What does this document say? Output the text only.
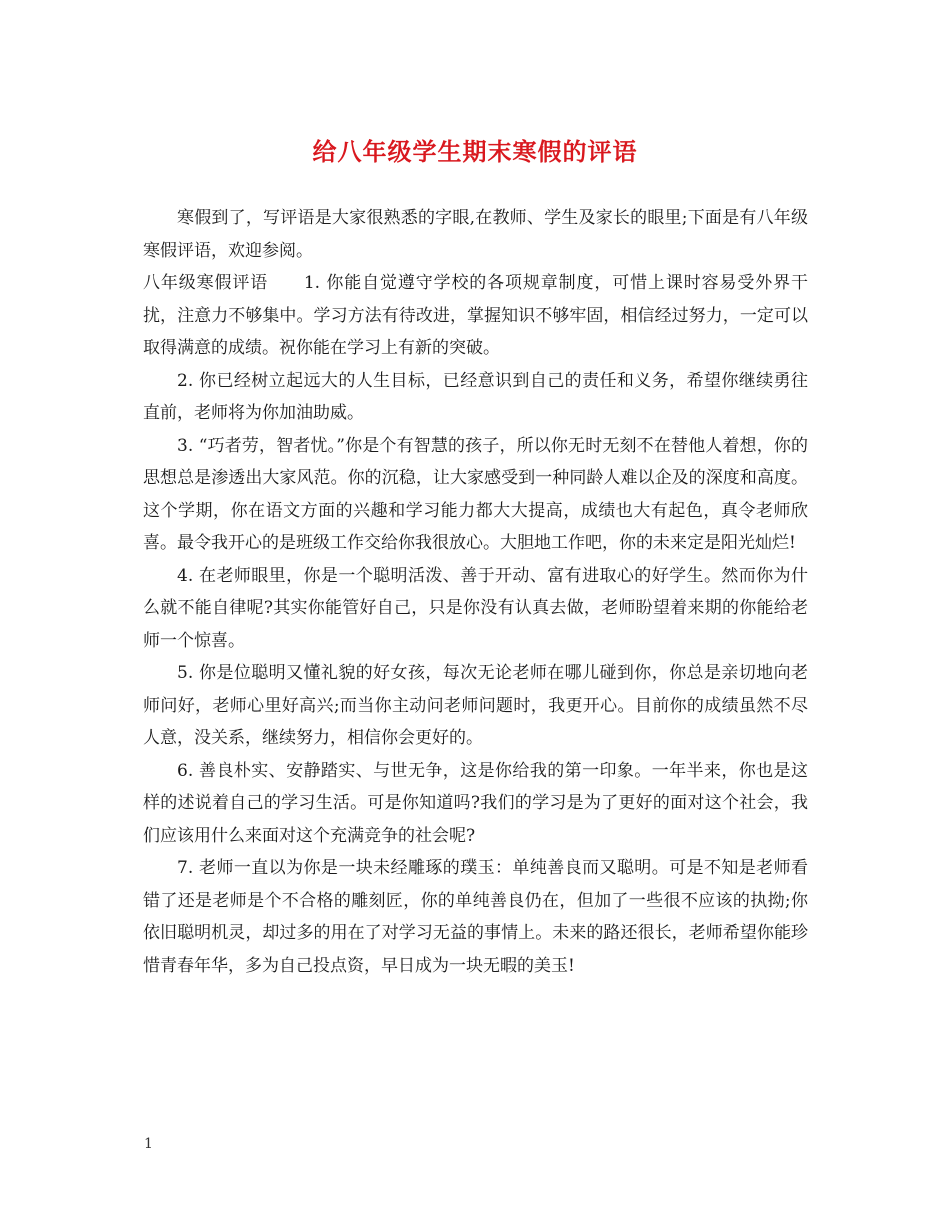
给八年级学生期末寒假的评语

寒假到了，写评语是大家很熟悉的字眼,在教师、学生及家长的眼里;下面是有八年级寒假评语，欢迎参阅。

八年级寒假评语　　1. 你能自觉遵守学校的各项规章制度，可惜上课时容易受外界干扰，注意力不够集中。学习方法有待改进，掌握知识不够牢固，相信经过努力，一定可以取得满意的成绩。祝你能在学习上有新的突破。

2. 你已经树立起远大的人生目标，已经意识到自己的责任和义务，希望你继续勇往直前，老师将为你加油助威。

3. “巧者劳，智者忧。”你是个有智慧的孩子，所以你无时无刻不在替他人着想，你的思想总是渗透出大家风范。你的沉稳，让大家感受到一种同龄人难以企及的深度和高度。这个学期，你在语文方面的兴趣和学习能力都大大提高，成绩也大有起色，真令老师欣喜。最令我开心的是班级工作交给你我很放心。大胆地工作吧，你的未来定是阳光灿烂!

4. 在老师眼里，你是一个聪明活泼、善于开动、富有进取心的好学生。然而你为什么就不能自律呢?其实你能管好自己，只是你没有认真去做，老师盼望着来期的你能给老师一个惊喜。

5. 你是位聪明又懂礼貌的好女孩，每次无论老师在哪儿碰到你，你总是亲切地向老师问好，老师心里好高兴;而当你主动问老师问题时，我更开心。目前你的成绩虽然不尽人意，没关系，继续努力，相信你会更好的。

6. 善良朴实、安静踏实、与世无争，这是你给我的第一印象。一年半来，你也是这样的述说着自己的学习生活。可是你知道吗?我们的学习是为了更好的面对这个社会，我们应该用什么来面对这个充满竞争的社会呢?

7. 老师一直以为你是一块未经雕琢的璞玉：单纯善良而又聪明。可是不知是老师看错了还是老师是个不合格的雕刻匠，你的单纯善良仍在，但加了一些很不应该的执拗;你依旧聪明机灵，却过多的用在了对学习无益的事情上。未来的路还很长，老师希望你能珍惜青春年华，多为自己投点资，早日成为一块无暇的美玉!

1
